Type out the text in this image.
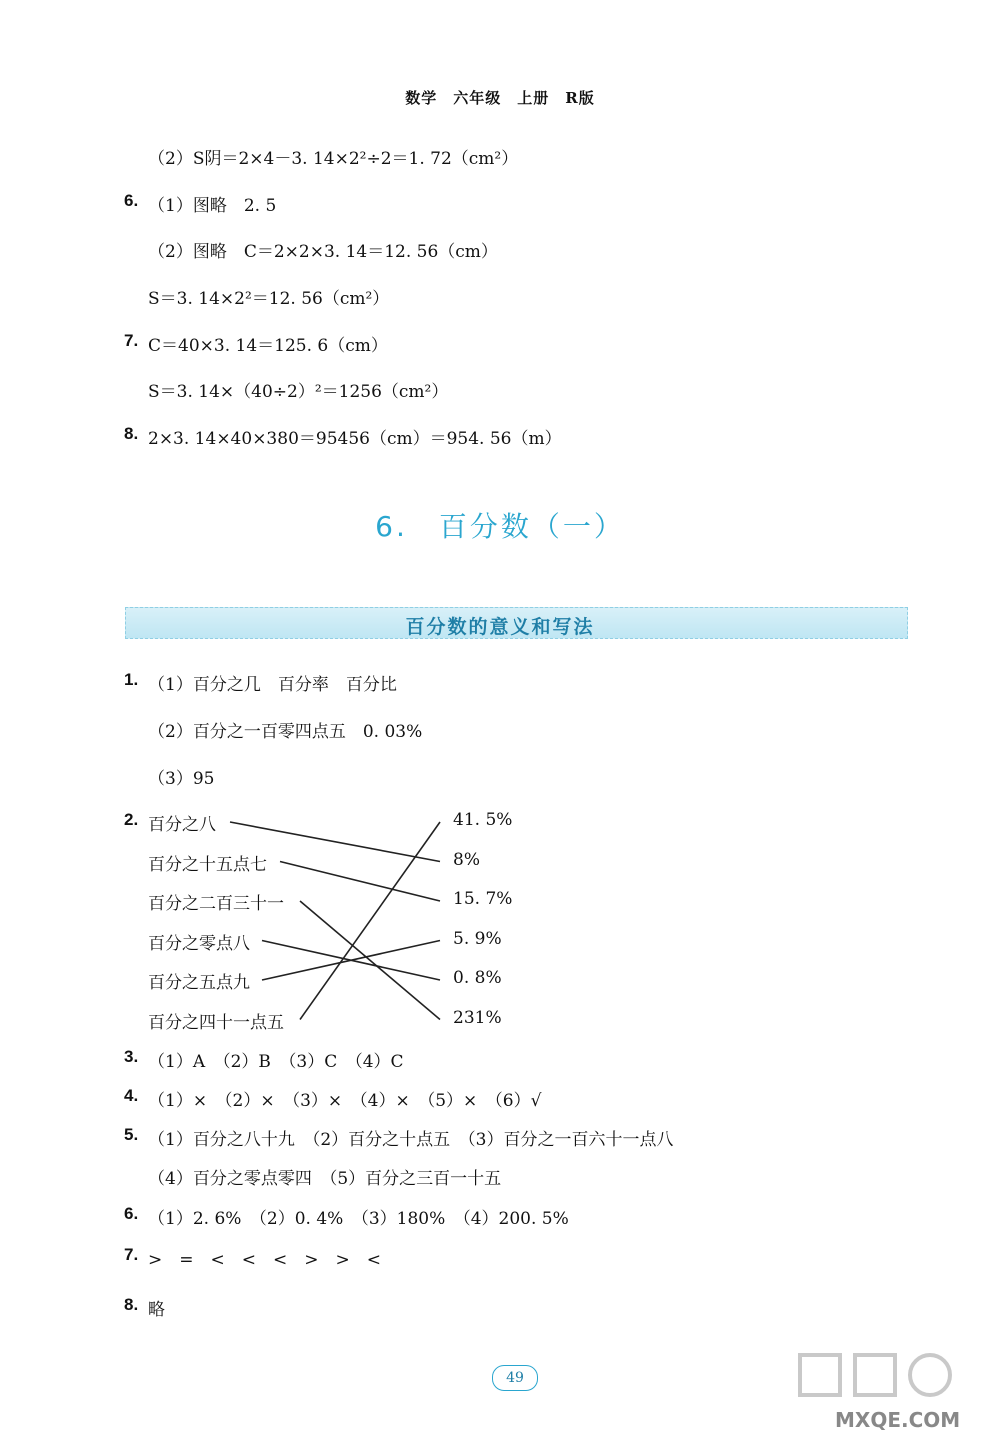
数学　六年级　上册　R版
（2）S阴＝2×4－3. 14×2²÷2＝1. 72（cm²）
6. （1）图略　2. 5
（2）图略　C＝2×2×3. 14＝12. 56（cm）
S＝3. 14×2²＝12. 56（cm²）
7. C＝40×3. 14＝125. 6（cm）
S＝3. 14×（40÷2）²＝1256（cm²）
8. 2×3. 14×40×380＝95456（cm）＝954. 56（m）
6.　百分数（一）
百分数的意义和写法
1. （1）百分之几　百分率　百分比
（2）百分之一百零四点五　0. 03%
（3）95
2. 百分之八
百分之十五点七
百分之二百三十一
百分之零点八
百分之五点九
百分之四十一点五
41. 5%
8%
15. 7%
5. 9%
0. 8%
231%
3. （1）A　（2）B　（3）C　（4）C
4. （1）×　（2）×　（3）×　（4）×　（5）×　（6）√
5. （1）百分之八十九　（2）百分之十点五　（3）百分之一百六十一点八
（4）百分之零点零四　（5）百分之三百一十五
6. （1）2. 6%　（2）0. 4%　（3）180%　（4）200. 5%
7. >　=　<　<　<　>　>　<
8. 略
49
MXQE.COM
